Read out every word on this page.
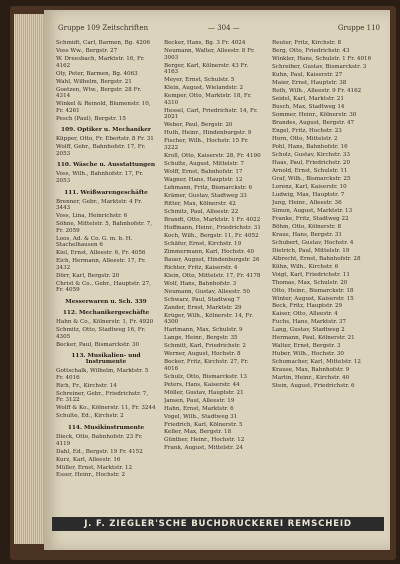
Gruppe 109 Zeitschriften	— 304 —	Gruppe 110
Schmidt, Carl, Barmen, Bg. 4206
Voss Ww., Bergstr. 27
W. Dreesbach, Marktstr. 16, Fr. 4162
Oly, Peter, Barmen, Bg. 4063
Wahl, Wilhelm, Bergstr. 21
Goetzen, Wtw., Bergstr. 28 Fr. 4314
Winkel & Reinold, Blumenstr. 10, Fr. 4261
Pesch (Paul), Bergstr. 15
109. Optiker u. Mechaniker
Küpper, Otto, Fr. Ebertstr. 8 Fr. 31
Wolff, Gebr., Bahnhofstr. 17, Fr. 2053
110. Wäsche u. Ausstattungen
Voss, Wilh., Bahnhofstr. 17, Fr. 2053
111. Weißwarengeschäfte
Brenner, Gebr., Marktstr. 4 Fr. 3443
Voss, Lina, Heinrichstr. 6
Söhne, Mittelstr. 5, Bahnhofstr. 7, Fr. 2059
Loos, Ad. & Co. G. m. b. H. Stachelhausen 6
Kiel, Ernst, Alleestr. 6, Fr. 4056
Eich, Hermann, Alleestr. 17, Fr. 3432
Dörr, Karl, Bergstr. 20
Christ & Co., Gebr., Hauptstr. 27, Fr. 4059
Messerwaren u. Sch. 339
112. Mechanikergeschäfte
Hahn & Co., Kölnerstr. 1, Fr. 4920
Schmitz, Otto, Stadtweg 16, Fr. 4305
Becker, Paul, Bismarckstr. 30
113. Musikalien- und Instrumente
Gottschalk, Wilhelm, Marktstr. 5 Fr. 4016
Rich, Fr., Kirchstr. 14
Schreiner, Gebr., Friedrichstr. 7, Fr. 3122
Wolff & Ko., Kölnerstr. 11, Fr. 3244
Schulte, Ed., Kirchstr. 2
114. Musikinstrumente
Dieck, Otto, Bahnhofstr. 23 Fr. 4119
Dahl, Ed., Bergstr. 19 Fr. 4152
Kurz, Karl, Alleestr. 16
Müller, Ernst, Marktstr. 12
Esser, Heinr., Hochstr. 2
Becker, Hans, Bg. 3 Fr. 4024
Neumann, Walter, Alleestr. 8 Fr. 3003
Berger, Karl, Kölnerstr. 43 Fr. 4163
Meyer, Ernst, Schulstr. 5
Klein, August, Wielandstr. 2
Kemper, Otto, Marktstr. 18, Fr. 4310
Hessel, Carl, Friedrichstr. 14, Fr. 2021
Weber, Paul, Bergstr. 20
Huth, Heinr., Hindenburgstr. 9
Fischer, Wilh., Hochstr. 15 Fr. 3222
Kroll, Otto, Kaiserstr. 28, Fr. 4190
Schulte, August, Mittelstr. 7
Wolff, Ernst, Bahnhofstr. 17
Wagner, Hans, Hauptstr. 12
Lehmann, Fritz, Bismarckstr. 6
Krämer, Gustav, Stadtweg 33
Ritter, Max, Kölnerstr. 42
Schmitz, Paul, Alleestr. 22
Brandt, Otto, Marktstr. 1 Fr. 4022
Hoffmann, Heinr., Friedrichstr. 31
Koch, Wilh., Bergstr. 11, Fr. 4052
Schäfer, Ernst, Kirchstr. 19
Zimmermann, Karl, Hochstr. 40
Bauer, August, Hindenburgstr. 26
Richter, Fritz, Kaiserstr. 4
Klein, Otto, Mittelstr. 17, Fr. 4178
Wolf, Hans, Bahnhofstr. 3
Neumann, Gustav, Alleestr. 50
Schwarz, Paul, Stadtweg 7
Zander, Ernst, Marktstr. 29
Krüger, Wilh., Kölnerstr. 14, Fr. 4300
Hartmann, Max, Schulstr. 9
Lange, Heinr., Bergstr. 35
Schmitt, Karl, Friedrichstr. 2
Werner, August, Hochstr. 8
Becker, Fritz, Kirchstr. 27, Fr. 4016
Schulz, Otto, Bismarckstr. 13
Peters, Hans, Kaiserstr. 44
Möller, Gustav, Hauptstr. 21
Jansen, Paul, Alleestr. 19
Hahn, Ernst, Marktstr. 6
Vogel, Wilh., Stadtweg 31
Friedrich, Karl, Kölnerstr. 5
Keller, Max, Bergstr. 18
Günther, Heinr., Hochstr. 12
Frank, August, Mittelstr. 24
Reuter, Fritz, Kirchstr. 8
Berg, Otto, Friedrichstr. 43
Winkler, Hans, Schulstr. 1 Fr. 4016
Schreiber, Gustav, Bismarckstr. 3
Kuhn, Paul, Kaiserstr. 27
Maier, Ernst, Hauptstr. 38
Roth, Wilh., Alleestr. 9 Fr. 4162
Seidel, Karl, Marktstr. 21
Busch, Max, Stadtweg 14
Sommer, Heinr., Kölnerstr. 30
Brandes, August, Bergstr. 47
Engel, Fritz, Hochstr. 23
Horn, Otto, Mittelstr. 2
Pohl, Hans, Bahnhofstr. 16
Scholz, Gustav, Kirchstr. 33
Haas, Paul, Friedrichstr. 20
Arnold, Ernst, Schulstr. 11
Graf, Wilh., Bismarckstr. 25
Lorenz, Karl, Kaiserstr. 10
Ludwig, Max, Hauptstr. 7
Jung, Heinr., Alleestr. 36
Simon, August, Marktstr. 13
Franke, Fritz, Stadtweg 22
Böhm, Otto, Kölnerstr. 8
Kraus, Hans, Bergstr. 31
Schubert, Gustav, Hochstr. 4
Dietrich, Paul, Mittelstr. 19
Albrecht, Ernst, Bahnhofstr. 28
Kühn, Wilh., Kirchstr. 6
Voigt, Karl, Friedrichstr. 11
Thomas, Max, Schulstr. 20
Otto, Heinr., Bismarckstr. 18
Winter, August, Kaiserstr. 15
Beck, Fritz, Hauptstr. 29
Kaiser, Otto, Alleestr. 4
Fuchs, Hans, Marktstr. 37
Lang, Gustav, Stadtweg 2
Hermann, Paul, Kölnerstr. 21
Walter, Ernst, Bergstr. 3
Huber, Wilh., Hochstr. 30
Schumacher, Karl, Mittelstr. 12
Krause, Max, Bahnhofstr. 9
Martin, Heinr., Kirchstr. 40
Stein, August, Friedrichstr. 6
J. F. ZIEGLER'SCHE BUCHDRUCKEREI REMSCHEID
